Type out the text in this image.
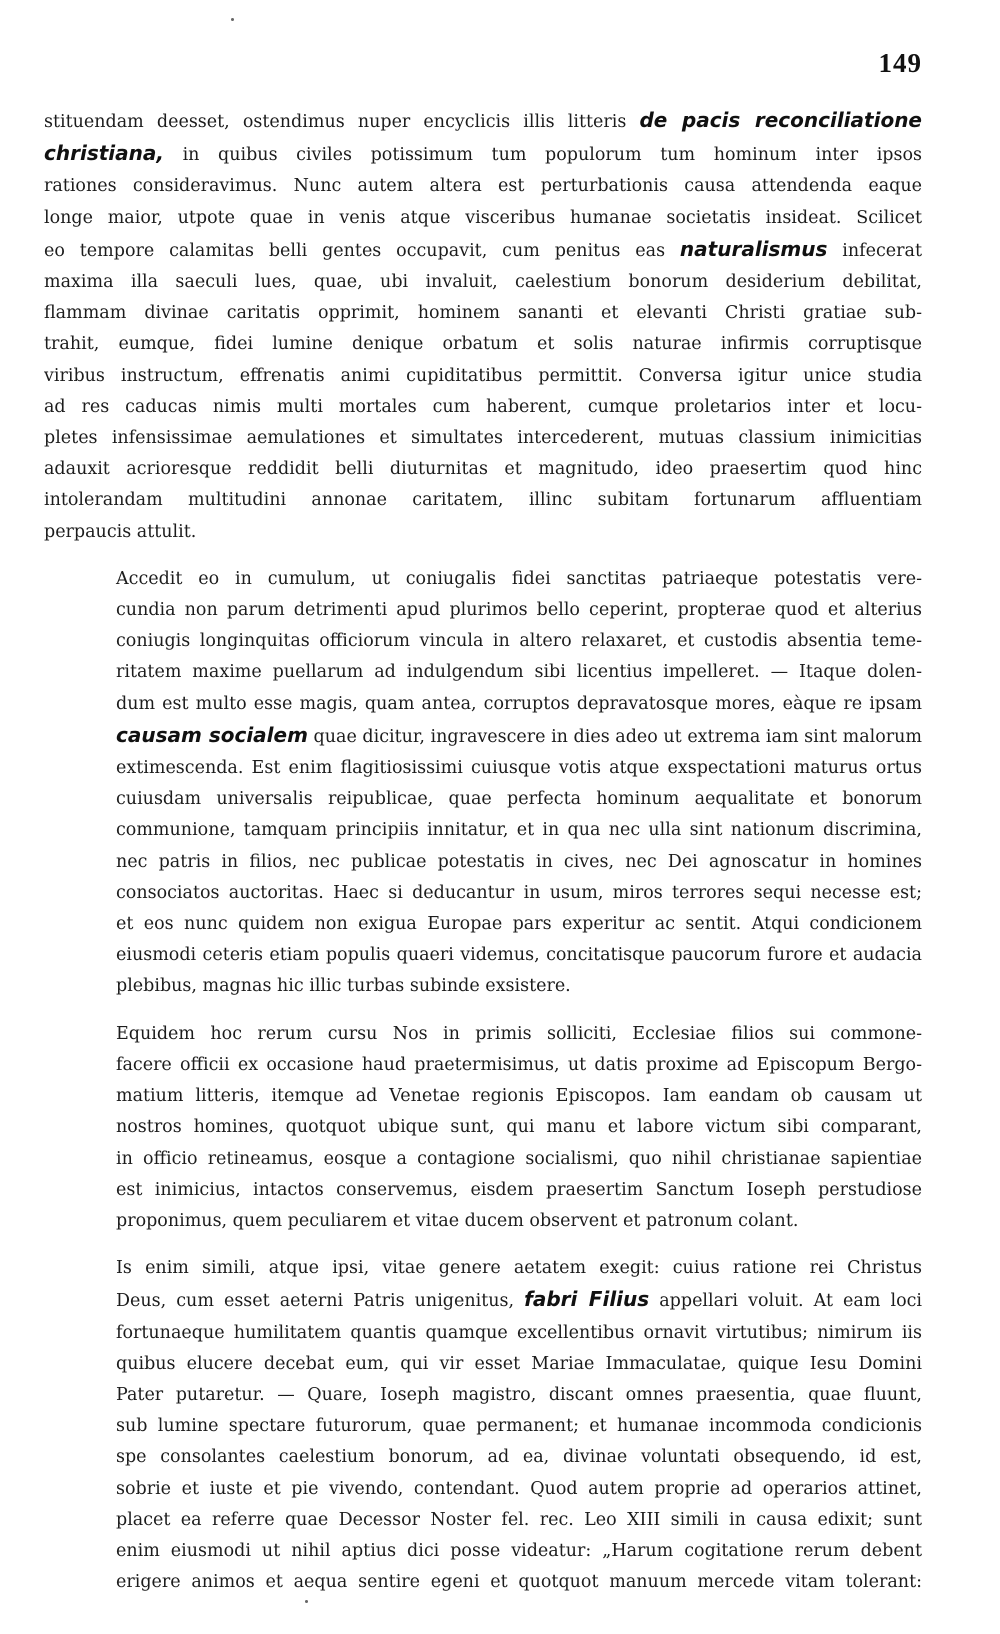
149
stituendam deesset, ostendimus nuper encyclicis illis litteris de pacis reconciliatione
christiana, in quibus civiles potissimum tum populorum tum hominum inter ipsos
rationes consideravimus. Nunc autem altera est perturbationis causa attendenda eaque
longe maior, utpote quae in venis atque visceribus humanae societatis insideat. Scilicet
eo tempore calamitas belli gentes occupavit, cum penitus eas naturalismus infecerat
maxima illa saeculi lues, quae, ubi invaluit, caelestium bonorum desiderium debilitat,
flammam divinae caritatis opprimit, hominem sananti et elevanti Christi gratiae sub-
trahit, eumque, fidei lumine denique orbatum et solis naturae infirmis corruptisque
viribus instructum, effrenatis animi cupiditatibus permittit. Conversa igitur unice studia
ad res caducas nimis multi mortales cum haberent, cumque proletarios inter et locu-
pletes infensissimae aemulationes et simultates intercederent, mutuas classium inimicitias
adauxit acrioresque reddidit belli diuturnitas et magnitudo, ideo praesertim quod hinc
intolerandam multitudini annonae caritatem, illinc subitam fortunarum affluentiam
perpaucis attulit.
Accedit eo in cumulum, ut coniugalis fidei sanctitas patriaeque potestatis vere-
cundia non parum detrimenti apud plurimos bello ceperint, propterae quod et alterius
coniugis longinquitas officiorum vincula in altero relaxaret, et custodis absentia teme-
ritatem maxime puellarum ad indulgendum sibi licentius impelleret. — Itaque dolen-
dum est multo esse magis, quam antea, corruptos depravatosque mores, eàque re ipsam
causam socialem quae dicitur, ingravescere in dies adeo ut extrema iam sint malorum
extimescenda. Est enim flagitiosissimi cuiusque votis atque exspectationi maturus ortus
cuiusdam universalis reipublicae, quae perfecta hominum aequalitate et bonorum
communione, tamquam principiis innitatur, et in qua nec ulla sint nationum discrimina,
nec patris in filios, nec publicae potestatis in cives, nec Dei agnoscatur in homines
consociatos auctoritas. Haec si deducantur in usum, miros terrores sequi necesse est;
et eos nunc quidem non exigua Europae pars experitur ac sentit. Atqui condicionem
eiusmodi ceteris etiam populis quaeri videmus, concitatisque paucorum furore et audacia
plebibus, magnas hic illic turbas subinde exsistere.
Equidem hoc rerum cursu Nos in primis solliciti, Ecclesiae filios sui commone-
facere officii ex occasione haud praetermisimus, ut datis proxime ad Episcopum Bergo-
matium litteris, itemque ad Venetae regionis Episcopos. Iam eandam ob causam ut
nostros homines, quotquot ubique sunt, qui manu et labore victum sibi comparant,
in officio retineamus, eosque a contagione socialismi, quo nihil christianae sapientiae
est inimicius, intactos conservemus, eisdem praesertim Sanctum Ioseph perstudiose
proponimus, quem peculiarem et vitae ducem observent et patronum colant.
Is enim simili, atque ipsi, vitae genere aetatem exegit: cuius ratione rei Christus
Deus, cum esset aeterni Patris unigenitus, fabri Filius appellari voluit. At eam loci
fortunaeque humilitatem quantis quamque excellentibus ornavit virtutibus; nimirum iis
quibus elucere decebat eum, qui vir esset Mariae Immaculatae, quique Iesu Domini
Pater putaretur. — Quare, Ioseph magistro, discant omnes praesentia, quae fluunt,
sub lumine spectare futurorum, quae permanent; et humanae incommoda condicionis
spe consolantes caelestium bonorum, ad ea, divinae voluntati obsequendo, id est,
sobrie et iuste et pie vivendo, contendant. Quod autem proprie ad operarios attinet,
placet ea referre quae Decessor Noster fel. rec. Leo XIII simili in causa edixit; sunt
enim eiusmodi ut nihil aptius dici posse videatur: „Harum cogitatione rerum debent
erigere animos et aequa sentire egeni et quotquot manuum mercede vitam tolerant:
